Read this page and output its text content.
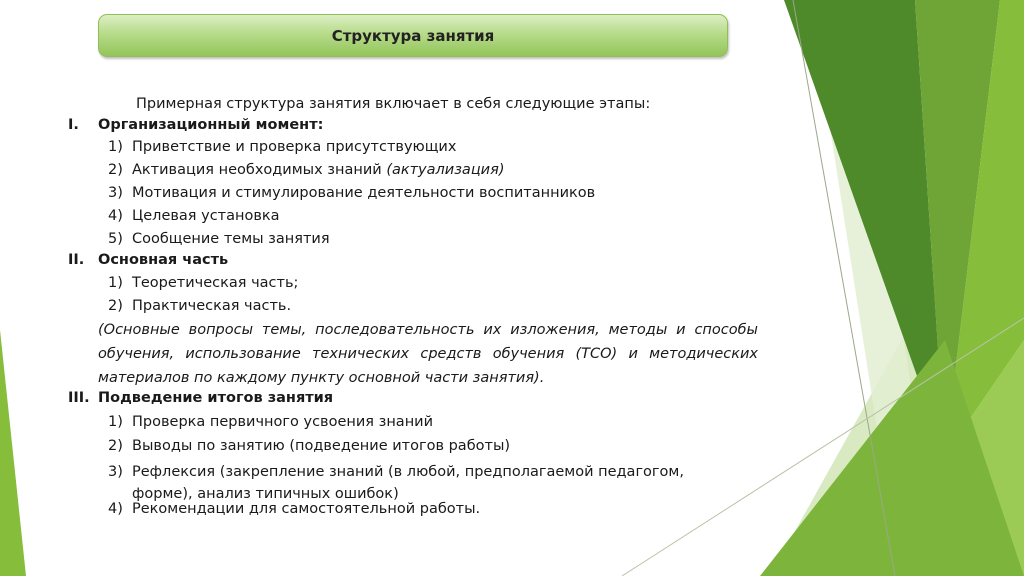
Структура занятия
Примерная структура занятия включает в себя следующие этапы:
I. Организационный момент:
1) Приветствие и проверка присутствующих
2) Активация необходимых знаний (актуализация)
3) Мотивация и стимулирование деятельности воспитанников
4) Целевая установка
5) Сообщение темы занятия
II. Основная часть
1) Теоретическая часть;
2) Практическая часть.
(Основные вопросы темы, последовательность их изложения, методы и способы обучения, использование технических средств обучения (ТСО) и методических материалов по каждому пункту основной части занятия).
III. Подведение итогов занятия
1) Проверка первичного усвоения знаний
2) Выводы по занятию (подведение итогов работы)
3) Рефлексия (закрепление знаний (в любой, предполагаемой педагогом,
форме), анализ типичных ошибок)
4) Рекомендации для самостоятельной работы.
